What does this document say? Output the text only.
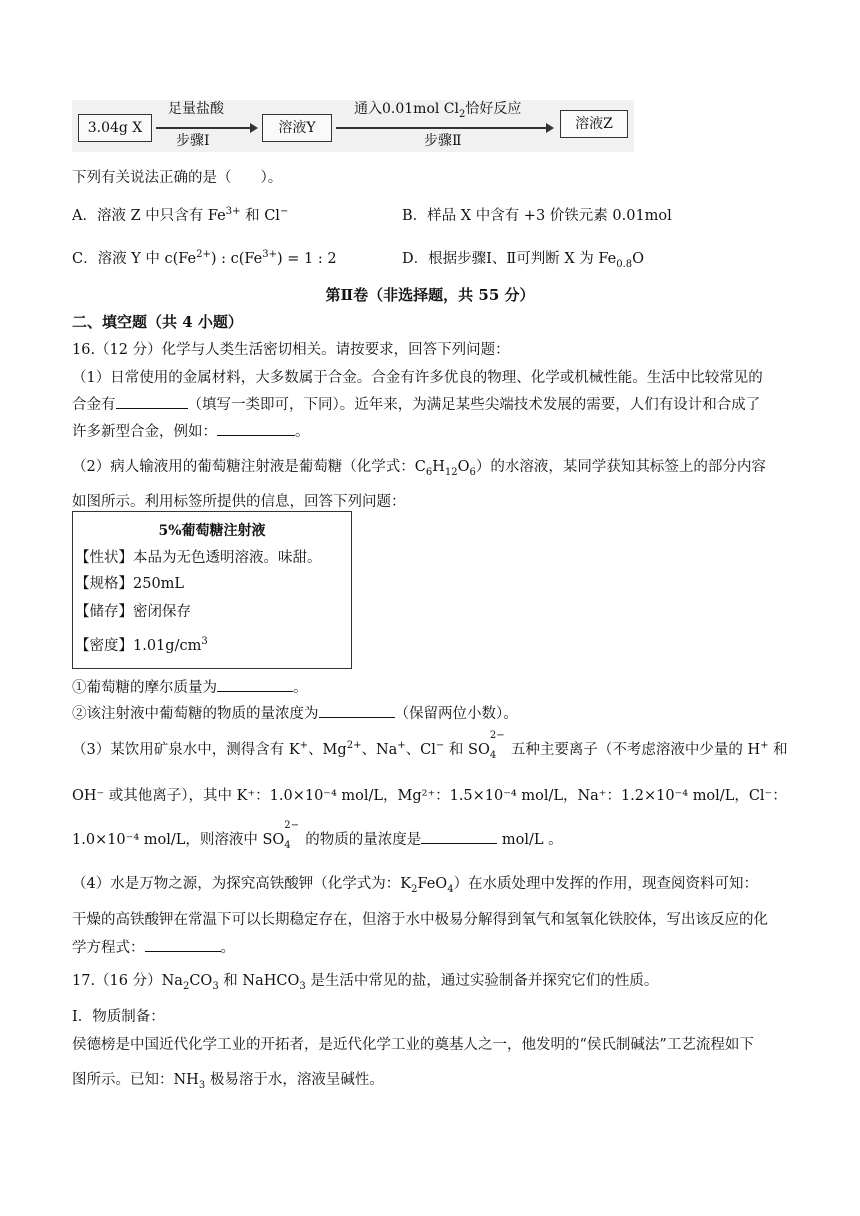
3.04g X
足量盐酸
步骤Ⅰ
溶液Y
通入0.01mol $Cl_2$恰好反应
步骤Ⅱ
溶液Z
下列有关说法正确的是（　　）。
A．溶液 Z 中只含有 $Fe^{3+}$ 和 Cl−	B．样品 X 中含有 +3 价铁元素 0.01mol
C．溶液 Y 中 $c(Fe^{2+})$ : $c(Fe^{3+}) = 1$ : 2	D．根据步骤Ⅰ、Ⅱ可判断 X 为 $Fe_{0.8}O$
第Ⅱ卷（非选择题，共 55 分）
二、填空题（共 4 小题）
16.（12 分）化学与人类生活密切相关。请按要求，回答下列问题：
（1）日常使用的金属材料，大多数属于合金。合金有许多优良的物理、化学或机械性能。生活中比较常见的
合金有	（填写一类即可，下同）。近年来，为满足某些尖端技术发展的需要，人们有设计和合成了
许多新型合金，例如：	。
（2）病人输液用的葡萄糖注射液是葡萄糖（化学式：$C_6H_{12}O_6$）的水溶液，某同学获知其标签上的部分内容
如图所示。利用标签所提供的信息，回答下列问题：
5%葡萄糖注射液
【性状】本品为无色透明溶液。味甜。
【规格】250mL
【储存】密闭保存
【密度】$1.01g/cm^3$
①葡萄糖的摩尔质量为	。
②该注射液中葡萄糖的物质的量浓度为	（保留两位小数）。
（3）某饮用矿泉水中，测得含有 K+、$Mg^{2+}$、Na+、Cl− 和 SO
$_{2- 4}$ 五种主要离子（不考虑溶液中少量的 H+ 和
OH⁻ 或其他离子），其中 K⁺：1.0×10⁻⁴ mol/L，Mg²⁺：1.5×10⁻⁴ mol/L，Na⁺：1.2×10⁻⁴ mol/L，Cl⁻：
1.0×10⁻⁴ mol/L，则溶液中 SO
$_{2- 4}$ 的物质的量浓度是	mol/L 。
（4）水是万物之源，为探究高铁酸钾（化学式为：$K_2FeO_4$）在水质处理中发挥的作用，现查阅资料可知：
干燥的高铁酸钾在常温下可以长期稳定存在，但溶于水中极易分解得到氧气和氢氧化铁胶体，写出该反应的化
学方程式：	。
17.（16 分）$Na_2CO_3$ 和 NaHCO$_3$ 是生活中常见的盐，通过实验制备并探究它们的性质。
Ⅰ．物质制备：
侯德榜是中国近代化学工业的开拓者，是近代化学工业的奠基人之一，他发明的“侯氏制碱法”工艺流程如下
图所示。已知：$NH_3$ 极易溶于水，溶液呈碱性。
